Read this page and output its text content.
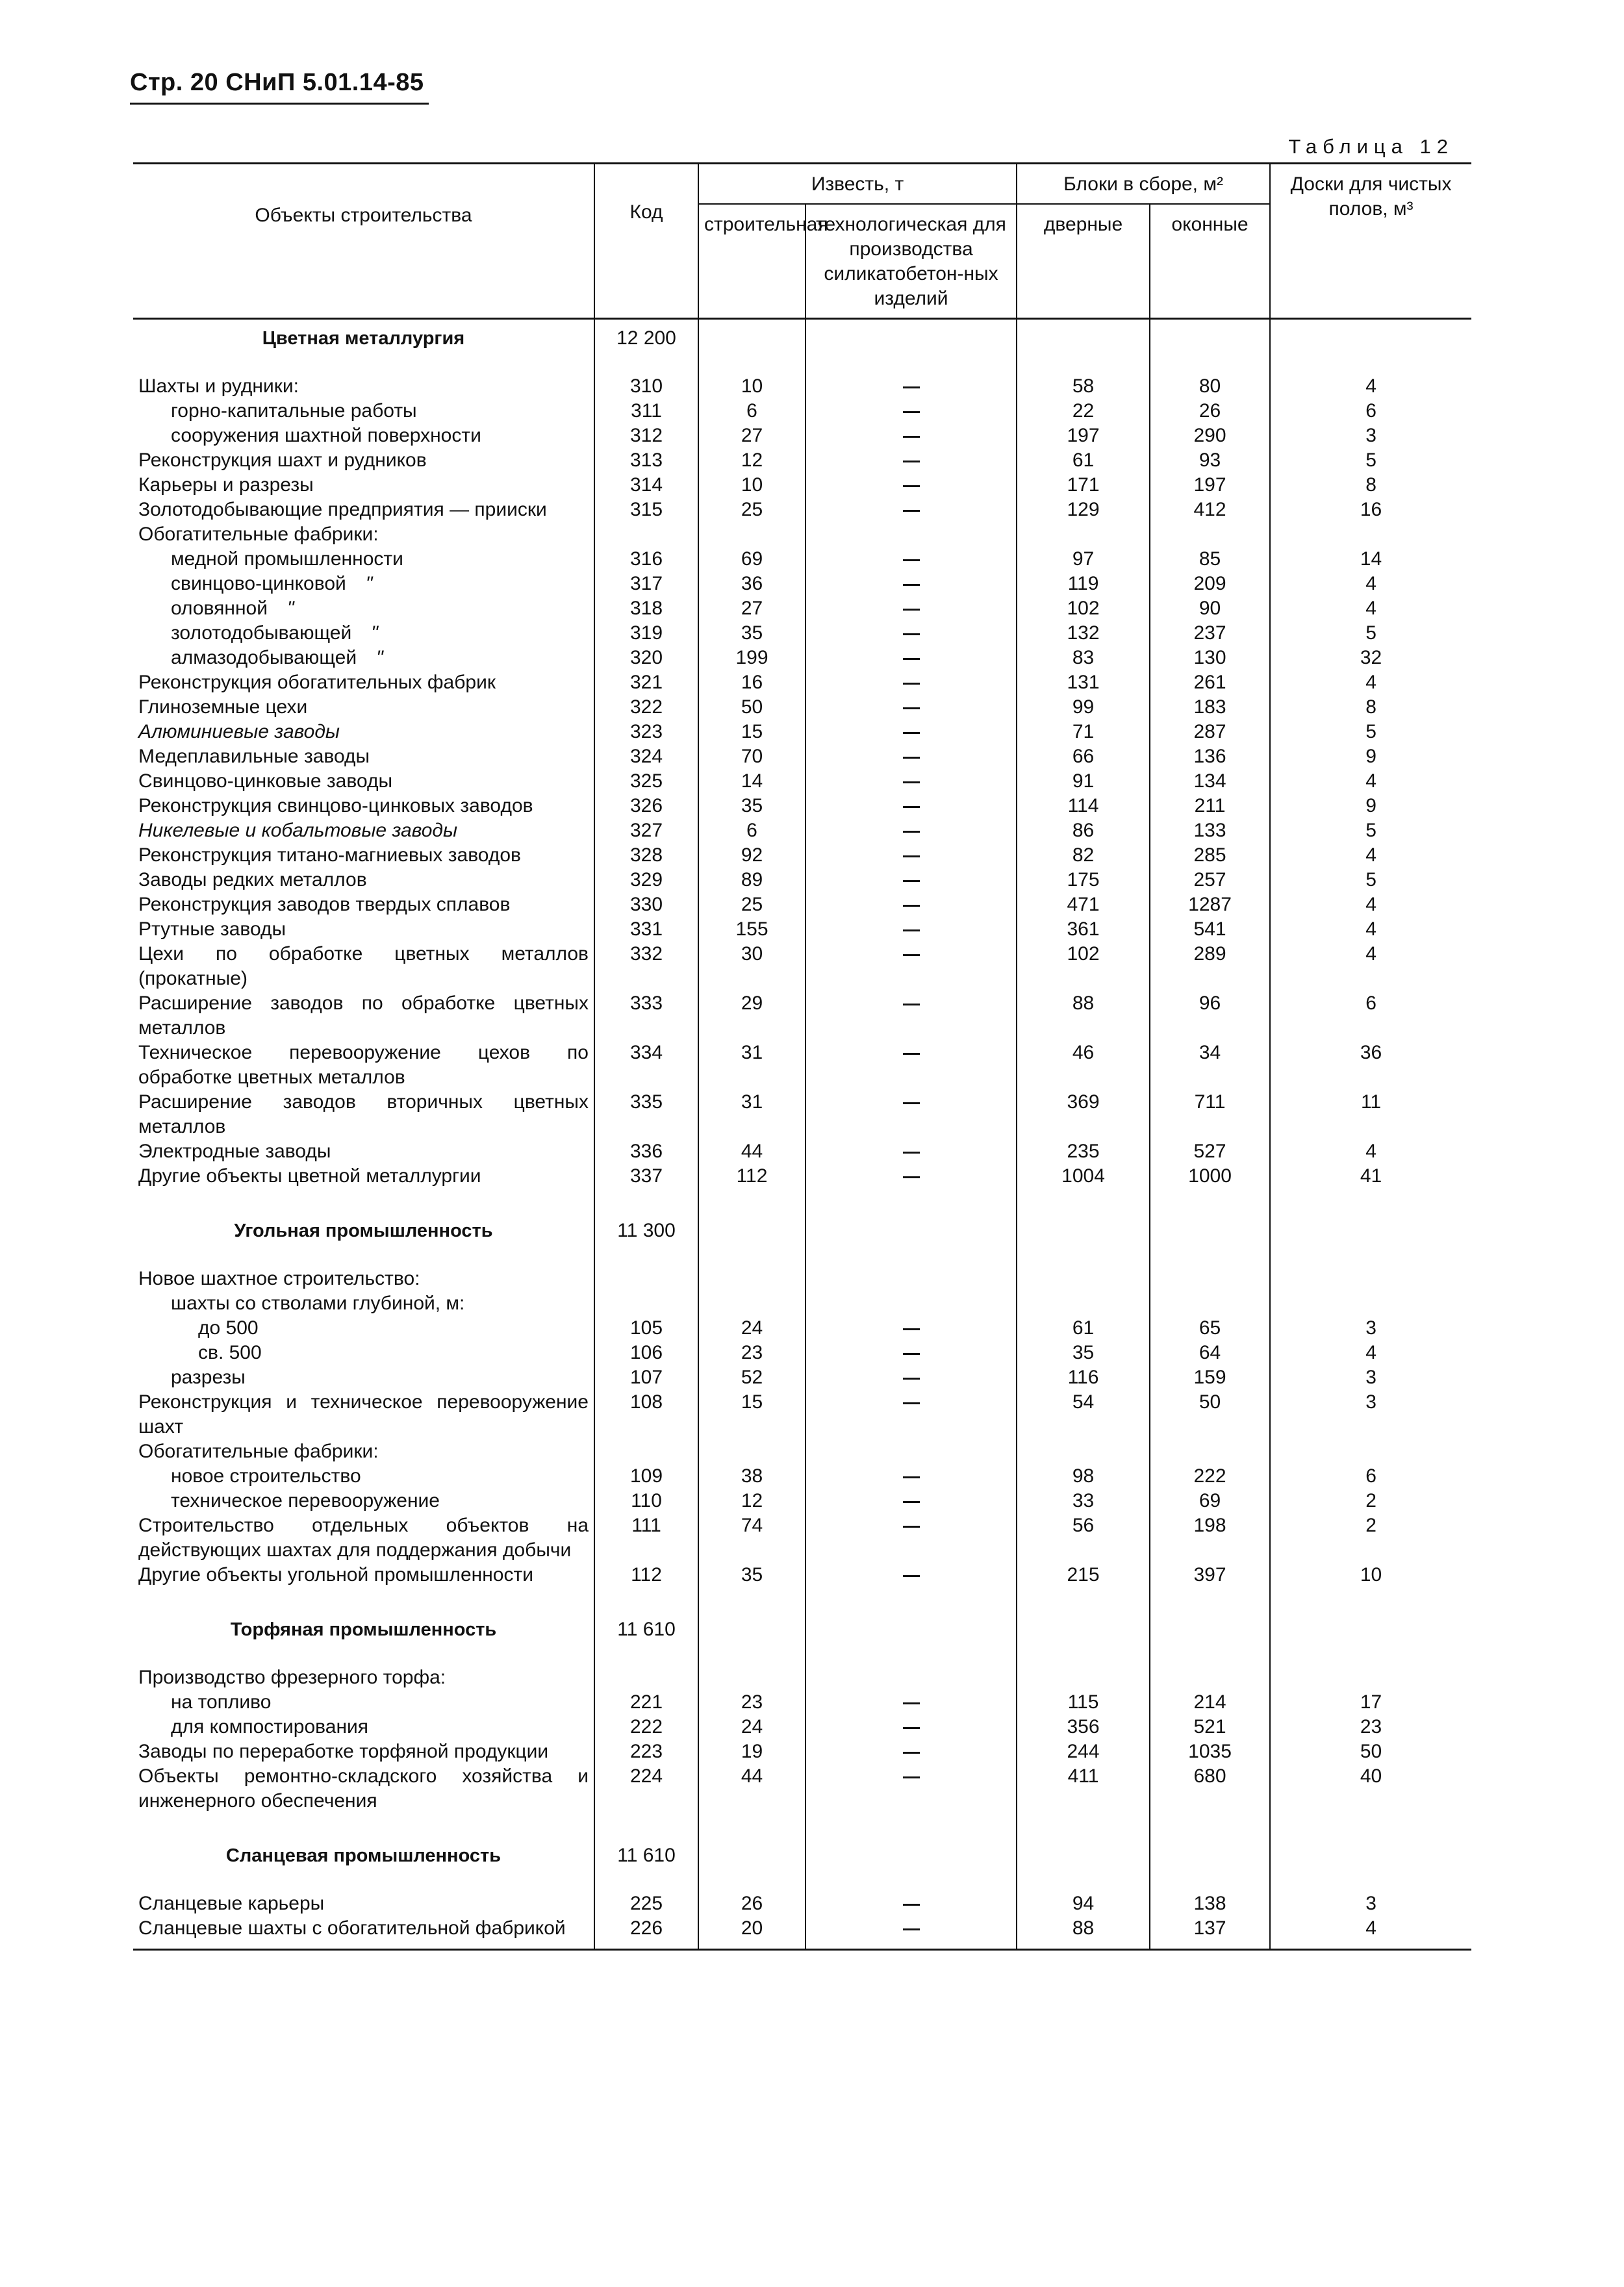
Стр. 20 СНиП 5.01.14-85
Таблица 12
Объекты строительства	Код	Известь, т		Блоки в сборе, м²		Доски для чистых полов, м³
		строительная	технологическая для производства силикатобетон-ных изделий	дверные	оконные	
Цветная металлургия	12 200					

Шахты и рудники:	310	10		58	80	4
горно-капитальные работы	311	6		22	26	6
сооружения шахтной поверхности	312	27		197	290	3
Реконструкция шахт и рудников	313	12		61	93	5
Карьеры и разрезы	314	10		171	197	8
Золотодобывающие предприятия — прииски	315	25		129	412	16
Обогатительные фабрики:						
медной промышленности	316	69		97	85	14
свинцово-цинковой "	317	36		119	209	4
оловянной "	318	27		102	90	4
золотодобывающей "	319	35		132	237	5
алмазодобывающей "	320	199		83	130	32
Реконструкция обогатительных фабрик	321	16		131	261	4
Глиноземные цехи	322	50		99	183	8
Алюминиевые заводы	323	15		71	287	5
Медеплавильные заводы	324	70		66	136	9
Свинцово-цинковые заводы	325	14		91	134	4
Реконструкция свинцово-цинковых заводов	326	35		114	211	9
Никелевые и кобальтовые заводы	327	6		86	133	5
Реконструкция титано-магниевых заводов	328	92		82	285	4
Заводы редких металлов	329	89		175	257	5
Реконструкция заводов твердых сплавов	330	25		471	1287	4
Ртутные заводы	331	155		361	541	4
Цехи по обработке цветных металлов (прокатные)	332	30		102	289	4
Расширение заводов по обработке цветных металлов	333	29		88	96	6
Техническое перевооружение цехов по обработке цветных металлов	334	31		46	34	36
Расширение заводов вторичных цветных металлов	335	31		369	711	11
Электродные заводы	336	44		235	527	4
Другие объекты цветной металлургии	337	112		1004	1000	41

Угольная промышленность	11 300					

Новое шахтное строительство:						
шахты со стволами глубиной, м:						
до 500	105	24		61	65	3
св. 500	106	23		35	64	4
разрезы	107	52		116	159	3
Реконструкция и техническое перевооружение шахт	108	15		54	50	3
Обогатительные фабрики:						
новое строительство	109	38		98	222	6
техническое перевооружение	110	12		33	69	2
Строительство отдельных объектов на действующих шахтах для поддержания добычи	111	74		56	198	2
Другие объекты угольной промышленности	112	35		215	397	10

Торфяная промышленность	11 610					

Производство фрезерного торфа:						
на топливо	221	23		115	214	17
для компостирования	222	24		356	521	23
Заводы по переработке торфяной продукции	223	19		244	1035	50
Объекты ремонтно-складского хозяйства и инженерного обеспечения	224	44		411	680	40

Сланцевая промышленность	11 610					

Сланцевые карьеры	225	26		94	138	3
Сланцевые шахты с обогатительной фабрикой	226	20		88	137	4
